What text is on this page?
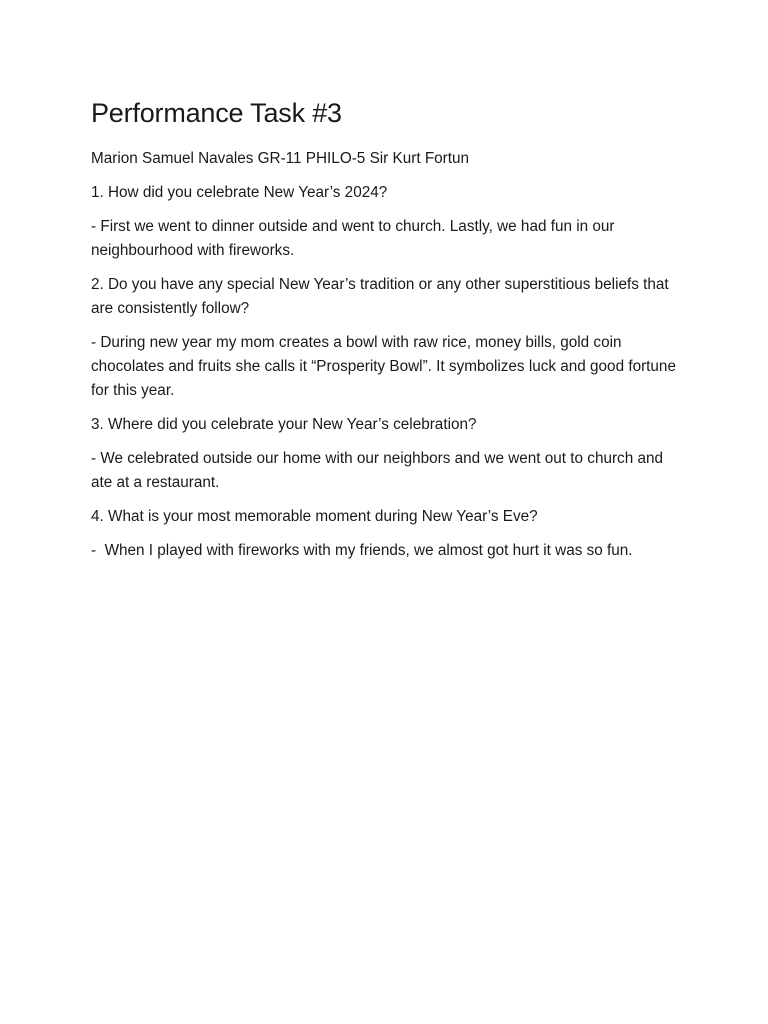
Performance Task #3

Marion Samuel Navales GR-11 PHILO-5 Sir Kurt Fortun

1. How did you celebrate New Year’s 2024?

- First we went to dinner outside and went to church. Lastly, we had fun in our neighbourhood with fireworks.

2. Do you have any special New Year’s tradition or any other superstitious beliefs that are consistently follow?

- During new year my mom creates a bowl with raw rice, money bills, gold coin chocolates and fruits she calls it “Prosperity Bowl”. It symbolizes luck and good fortune for this year.

3. Where did you celebrate your New Year’s celebration?

- We celebrated outside our home with our neighbors and we went out to church and ate at a restaurant.

4. What is your most memorable moment during New Year’s Eve?

-  When I played with fireworks with my friends, we almost got hurt it was so fun.
